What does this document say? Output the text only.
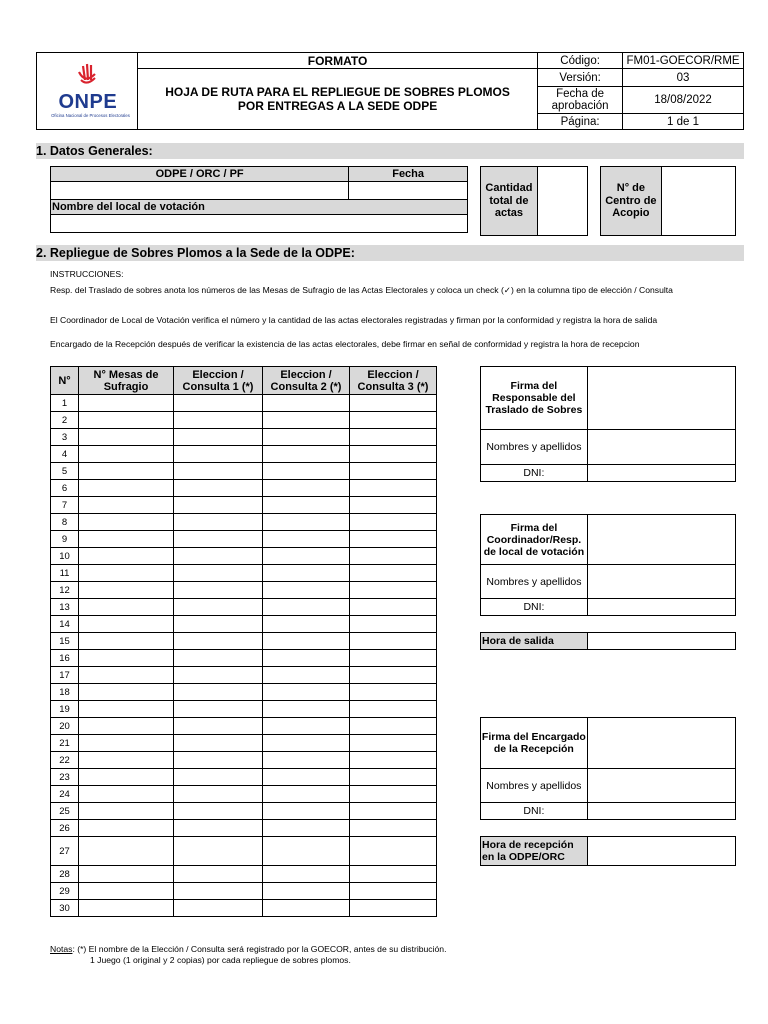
ONPE
Oficina Nacional de Procesos Electorales	FORMATO	Código:	FM01-GOECOR/RME

	HOJA DE RUTA PARA EL REPLIEGUE DE SOBRES PLOMOS
POR ENTREGAS A LA SEDE ODPE	Versión:	03
		Fecha de aprobación	18/08/2022
		Página:	1 de 1
1. Datos Generales:
ODPE / ORC / PF	Fecha

Nombre del local de votación	

Cantidad total de actas	
N° de Centro de Acopio	
2. Repliegue de Sobres Plomos a la Sede de la ODPE:
INSTRUCCIONES:
Resp. del Traslado de sobres anota los números de las Mesas de Sufragio de las Actas Electorales y coloca un check (✓) en la columna tipo de elección / Consulta
El Coordinador de Local de Votación verifica el número y la cantidad de las actas electorales registradas y firman por la conformidad y registra la hora de salida
Encargado de la Recepción después de verificar la existencia de las actas electorales, debe firmar en señal de conformidad y registra la hora de recepcion
N°	N° Mesas de Sufragio	Eleccion / Consulta 1 (*)	Eleccion / Consulta 2 (*)	Eleccion / Consulta 3 (*)
1				
2				
3				
4				
5				
6				
7				
8				
9				
10				
11				
12				
13				
14				
15				
16				
17				
18				
19				
20				
21				
22				
23				
24				
25				
26				
27				
28				
29				
30				
Firma del Responsable del Traslado de Sobres	
Nombres y apellidos	
DNI:	
Firma del Coordinador/Resp. de local de votación	
Nombres y apellidos	
DNI:	
Hora de salida	
Firma del Encargado de la Recepción	
Nombres y apellidos	
DNI:	
Hora de recepción en la ODPE/ORC	
Notas: (*) El nombre de la Elección / Consulta será registrado por la GOECOR, antes de su distribución.
1 Juego (1 original y 2 copias) por cada repliegue de sobres plomos.
